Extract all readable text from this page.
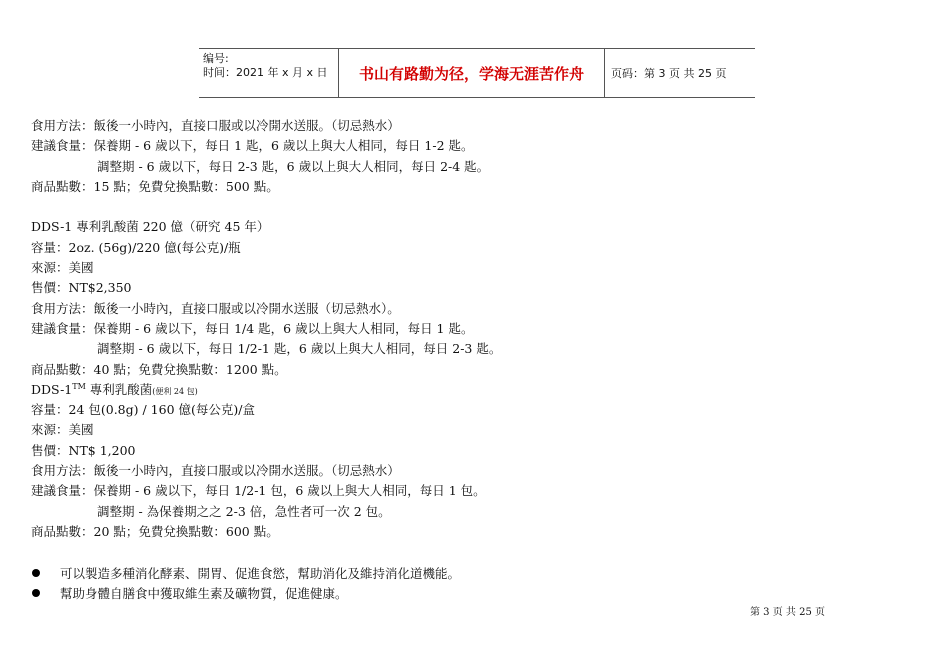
编号:
时间：2021 年 x 月 x 日	书山有路勤为径，学海无涯苦作舟	页码：第 3 页 共 25 页
食用方法：飯後一小時內，直接口服或以冷開水送服。（切忌熱水）
建議食量：保養期 - 6 歲以下，每日 1 匙，6 歲以上與大人相同，每日 1-2 匙。
調整期 - 6 歲以下，每日 2-3 匙，6 歲以上與大人相同，每日 2-4 匙。
商品點數：15 點；免費兌換點數：500 點。
DDS-1 專利乳酸菌 220 億（研究 45 年）
容量：2oz. (56g)/220 億(每公克)/瓶
來源：美國
售價：NT$2,350
食用方法：飯後一小時內，直接口服或以冷開水送服（切忌熱水）。
建議食量：保養期 - 6 歲以下，每日 1/4 匙，6 歲以上與大人相同，每日 1 匙。
調整期 - 6 歲以下，每日 1/2-1 匙，6 歲以上與大人相同，每日 2-3 匙。
商品點數：40 點；免費兌換點數：1200 點。
DDS-1™ 專利乳酸菌(便利 24 包)
容量：24 包(0.8g) / 160 億(每公克)/盒
來源：美國
售價：NT$ 1,200
食用方法：飯後一小時內，直接口服或以冷開水送服。（切忌熱水）
建議食量：保養期 - 6 歲以下，每日 1/2-1 包，6 歲以上與大人相同，每日 1 包。
調整期 - 為保養期之之 2-3 倍，急性者可一次 2 包。
商品點數：20 點；免費兌換點數：600 點。
可以製造多種消化酵素、開胃、促進食慾，幫助消化及維持消化道機能。
幫助身體自膳食中獲取維生素及礦物質，促進健康。
第 3 页 共 25 页
